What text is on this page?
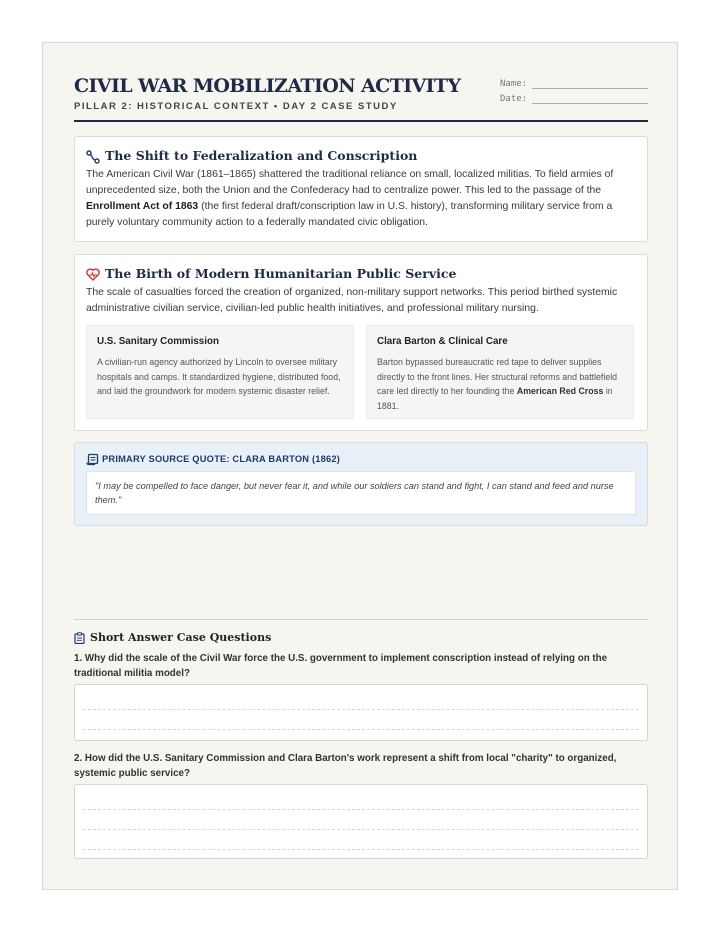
CIVIL WAR MOBILIZATION ACTIVITY
PILLAR 2: HISTORICAL CONTEXT • DAY 2 CASE STUDY
Name:
Date:
The Shift to Federalization and Conscription
The American Civil War (1861–1865) shattered the traditional reliance on small, localized militias. To field armies of unprecedented size, both the Union and the Confederacy had to centralize power. This led to the passage of the Enrollment Act of 1863 (the first federal draft/conscription law in U.S. history), transforming military service from a purely voluntary community action to a federally mandated civic obligation.
The Birth of Modern Humanitarian Public Service
The scale of casualties forced the creation of organized, non-military support networks. This period birthed systemic administrative civilian service, civilian-led public health initiatives, and professional military nursing.
U.S. Sanitary Commission
A civilian-run agency authorized by Lincoln to oversee military hospitals and camps. It standardized hygiene, distributed food, and laid the groundwork for modern systemic disaster relief.
Clara Barton & Clinical Care
Barton bypassed bureaucratic red tape to deliver supplies directly to the front lines. Her structural reforms and battlefield care led directly to her founding the American Red Cross in 1881.
PRIMARY SOURCE QUOTE: CLARA BARTON (1862)
"I may be compelled to face danger, but never fear it, and while our soldiers can stand and fight, I can stand and feed and nurse them."
Short Answer Case Questions
1. Why did the scale of the Civil War force the U.S. government to implement conscription instead of relying on the traditional militia model?
2. How did the U.S. Sanitary Commission and Clara Barton's work represent a shift from local "charity" to organized, systemic public service?
